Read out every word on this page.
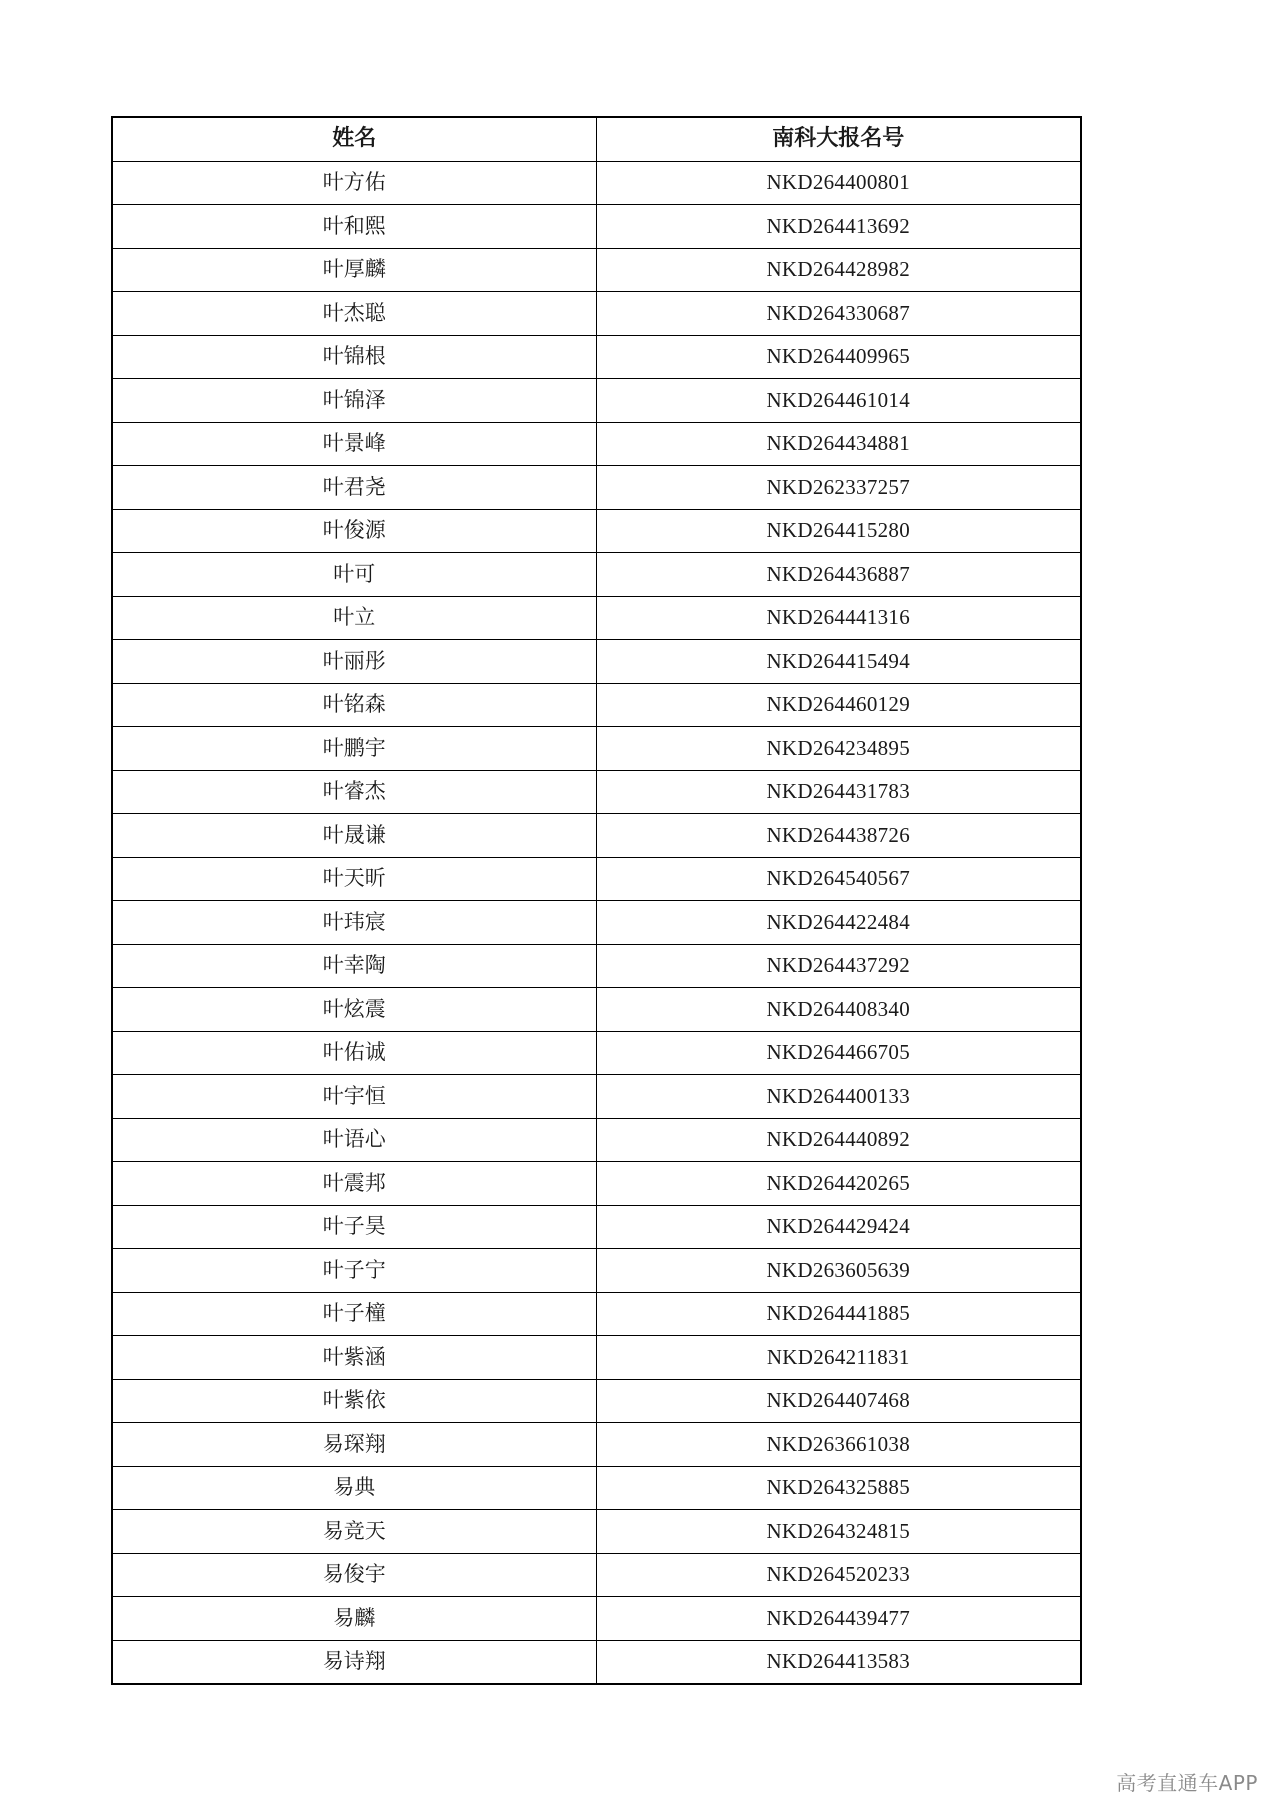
姓名	南科大报名号
叶方佑	NKD264400801
叶和熙	NKD264413692
叶厚麟	NKD264428982
叶杰聪	NKD264330687
叶锦根	NKD264409965
叶锦泽	NKD264461014
叶景峰	NKD264434881
叶君尧	NKD262337257
叶俊源	NKD264415280
叶可	NKD264436887
叶立	NKD264441316
叶丽彤	NKD264415494
叶铭森	NKD264460129
叶鹏宇	NKD264234895
叶睿杰	NKD264431783
叶晟谦	NKD264438726
叶天昕	NKD264540567
叶玮宸	NKD264422484
叶幸陶	NKD264437292
叶炫震	NKD264408340
叶佑诚	NKD264466705
叶宇恒	NKD264400133
叶语心	NKD264440892
叶震邦	NKD264420265
叶子昊	NKD264429424
叶子宁	NKD263605639
叶子橦	NKD264441885
叶紫涵	NKD264211831
叶紫依	NKD264407468
易琛翔	NKD263661038
易典	NKD264325885
易竞天	NKD264324815
易俊宇	NKD264520233
易麟	NKD264439477
易诗翔	NKD264413583
高考直通车APP
